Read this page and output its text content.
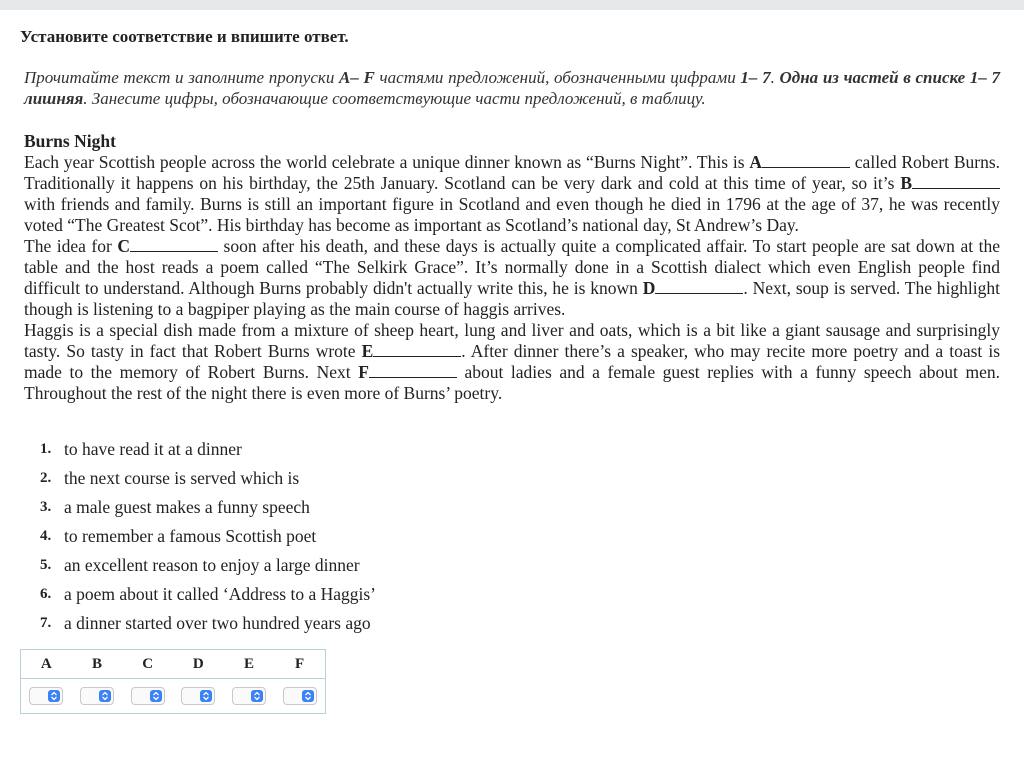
Установите соответствие и впишите ответ.
Прочитайте текст и заполните пропуски A– F частями предложений, обозначенными цифрами 1– 7. Одна из частей в списке 1– 7 лишняя. Занесите цифры, обозначающие соответствующие части предложений, в таблицу.
Burns Night

Each year Scottish people across the world celebrate a unique dinner known as “Burns Night”. This is A	called Robert Burns. Traditionally it happens on his birthday, the 25th January. Scotland can be very dark and cold at this time of year, so it’s B with friends and family. Burns is still an important figure in Scotland and even though he died in 1796 at the age of 37, he was recently voted “The Greatest Scot”. His birthday has become as important as Scotland’s national day, St Andrew’s Day.

The idea for C	soon after his death, and these days is actually quite a complicated affair. To start people are sat down at the table and the host reads a poem called “The Selkirk Grace”. It’s normally done in a Scottish dialect which even English people find difficult to understand. Although Burns probably didn't actually write this, he is known D	. Next, soup is served. The highlight though is listening to a bagpiper playing as the main course of haggis arrives.

Haggis is a special dish made from a mixture of sheep heart, lung and liver and oats, which is a bit like a giant sausage and surprisingly tasty. So tasty in fact that Robert Burns wrote E	. After dinner there’s a speaker, who may recite more poetry and a toast is made to the memory of Robert Burns. Next F	about ladies and a female guest replies with a funny speech about men. Throughout the rest of the night there is even more of Burns’ poetry.

1. to have read it at a dinner
2. the next course is served which is
3. a male guest makes a funny speech
4. to remember a famous Scottish poet
5. an excellent reason to enjoy a large dinner
6. a poem about it called ‘Address to a Haggis’
7. a dinner started over two hundred years ago
A	B	C	D	E	F
